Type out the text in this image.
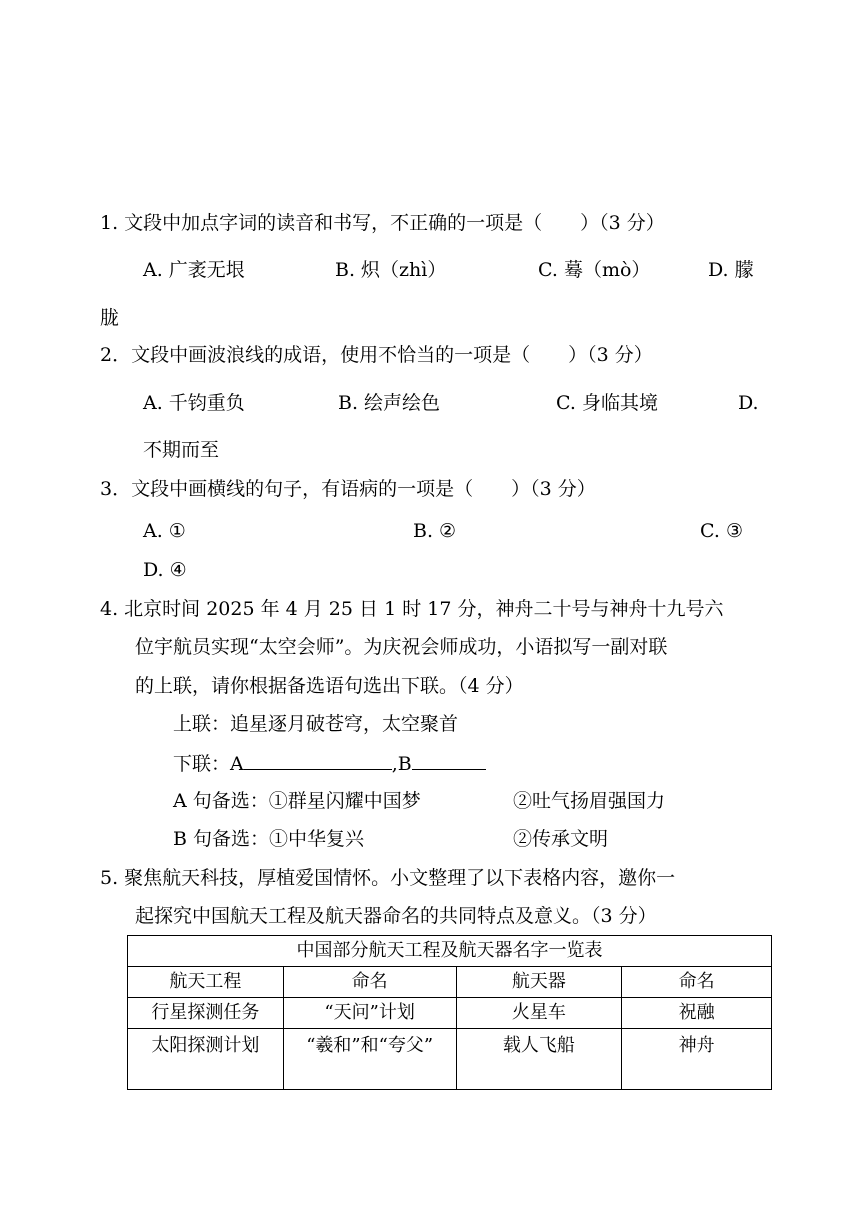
1. 文段中加点字词的读音和书写，不正确的一项是（　　）（3 分）
A. 广袤无垠	B. 炽（zhì）	C. 蓦（mò）	D. 朦
胧
2．文段中画波浪线的成语，使用不恰当的一项是（　　）（3 分）
A. 千钧重负	B. 绘声绘色	C. 身临其境	D.
不期而至
3．文段中画横线的句子，有语病的一项是（　　）（3 分）
A. ①	B. ②	C. ③
D. ④
4. 北京时间 2025 年 4 月 25 日 1 时 17 分，神舟二十号与神舟十九号六
位宇航员实现“太空会师”。为庆祝会师成功，小语拟写一副对联
的上联，请你根据备选语句选出下联。（4 分）
上联：追星逐月破苍穹，太空聚首
下联：A	,B
A 句备选：①群星闪耀中国梦	②吐气扬眉强国力
B 句备选：①中华复兴	②传承文明
5. 聚焦航天科技，厚植爱国情怀。小文整理了以下表格内容，邀你一
起探究中国航天工程及航天器命名的共同特点及意义。（3 分）
中国部分航天工程及航天器名字一览表			
航天工程	命名	航天器	命名
行星探测任务	“天问”计划	火星车	祝融
太阳探测计划	“羲和”和“夸父”	载人飞船	神舟
